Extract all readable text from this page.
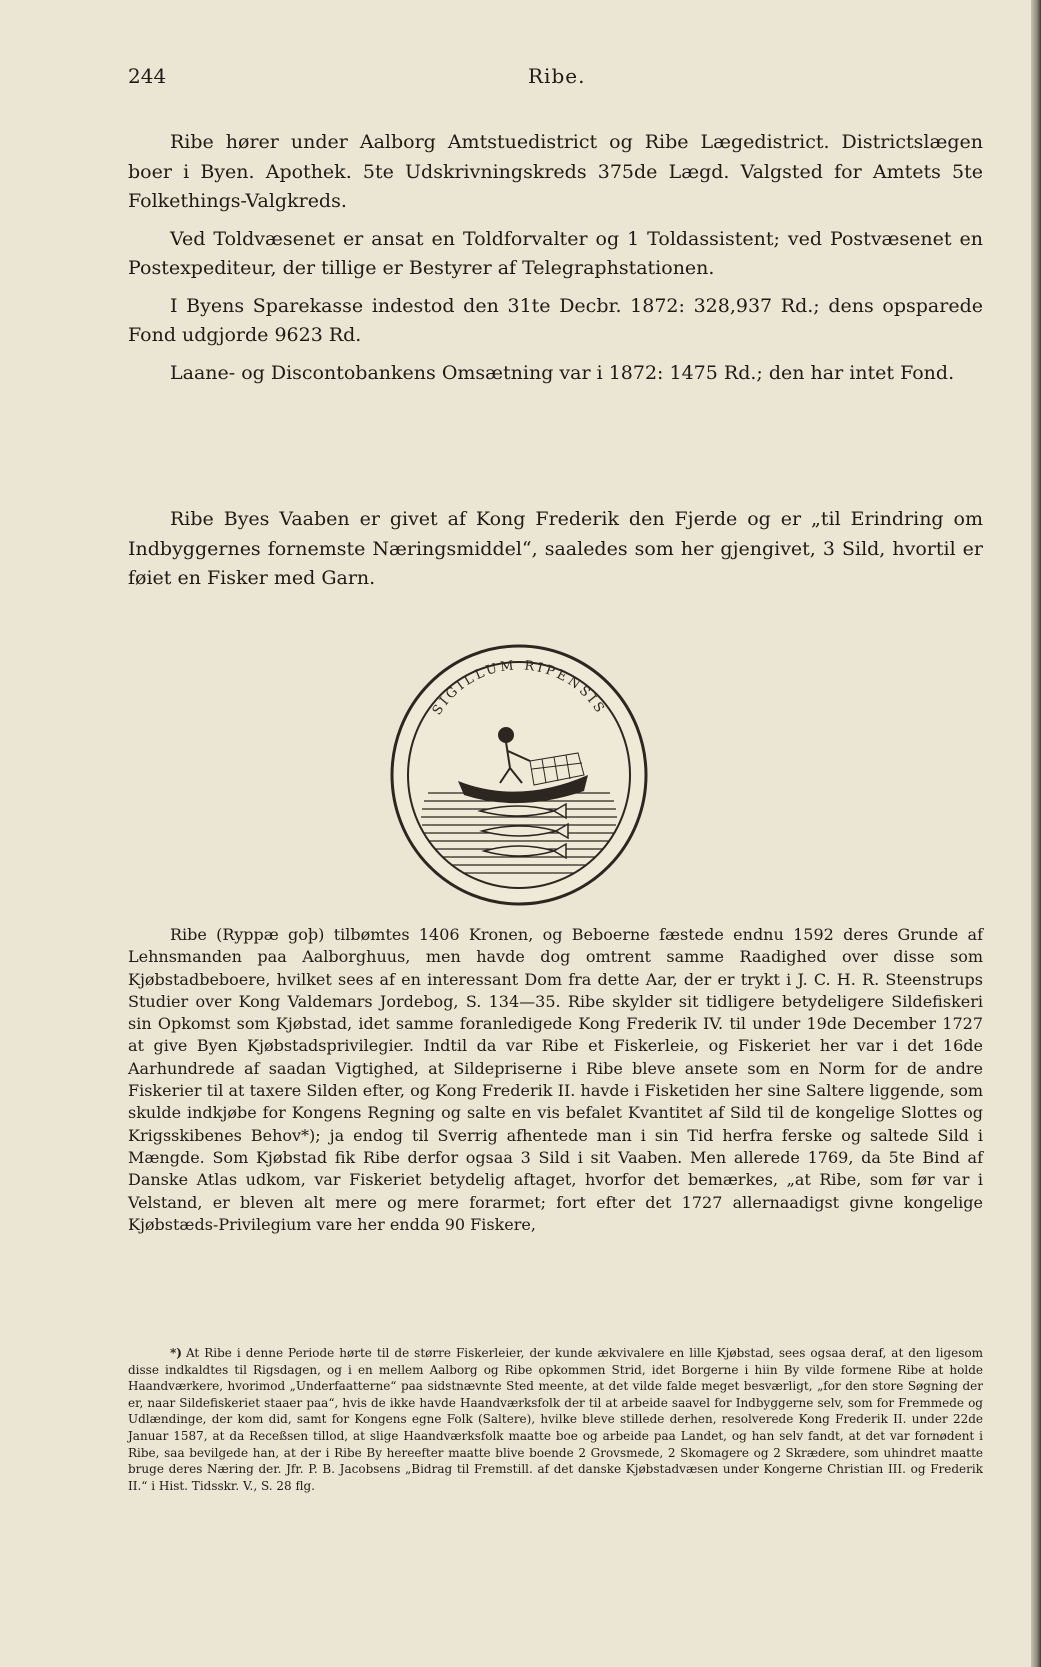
244	Ribe.

Ribe hører under Aalborg Amtstuedistrict og Ribe Lægedistrict. Districtslægen boer i Byen. Apothek. 5te Udskrivningskreds 375de Lægd. Valgsted for Amtets 5te Folkethings-Valgkreds.

Ved Toldvæsenet er ansat en Toldforvalter og 1 Toldassistent; ved Postvæsenet en Postexpediteur, der tillige er Bestyrer af Telegraphstationen.

I Byens Sparekasse indestod den 31te Decbr. 1872: 328,937 Rd.; dens opsparede Fond udgjorde 9623 Rd.

Laane- og Discontobankens Omsætning var i 1872: 1475 Rd.; den har intet Fond.

Ribe Byes Vaaben er givet af Kong Frederik den Fjerde og er „til Erindring om Indbyggernes fornemste Næringsmiddel“, saaledes som her gjengivet, 3 Sild, hvortil er føiet en Fisker med Garn.

SIGILLUM RIPENSIS

Ribe (Ryppæ goþ) tilbømtes 1406 Kronen, og Beboerne fæstede endnu 1592 deres Grunde af Lehnsmanden paa Aalborghuus, men havde dog omtrent samme Raadighed over disse som Kjøbstadbeboere, hvilket sees af en interessant Dom fra dette Aar, der er trykt i J. C. H. R. Steenstrups Studier over Kong Valdemars Jordebog, S. 134—35. Ribe skylder sit tidligere betydeligere Sildefiskeri sin Opkomst som Kjøbstad, idet samme foranledigede Kong Frederik IV. til under 19de December 1727 at give Byen Kjøbstadsprivilegier. Indtil da var Ribe et Fiskerleie, og Fiskeriet her var i det 16de Aarhundrede af saadan Vigtighed, at Sildepriserne i Ribe bleve ansete som en Norm for de andre Fiskerier til at taxere Silden efter, og Kong Frederik II. havde i Fisketiden her sine Saltere liggende, som skulde indkjøbe for Kongens Regning og salte en vis befalet Kvantitet af Sild til de kongelige Slottes og Krigsskibenes Behov*); ja endog til Sverrig afhentede man i sin Tid herfra ferske og saltede Sild i Mængde. Som Kjøbstad fik Ribe derfor ogsaa 3 Sild i sit Vaaben. Men allerede 1769, da 5te Bind af Danske Atlas udkom, var Fiskeriet betydelig aftaget, hvorfor det bemærkes, „at Ribe, som før var i Velstand, er bleven alt mere og mere forarmet; fort efter det 1727 allernaadigst givne kongelige Kjøbstæds-Privilegium vare her endda 90 Fiskere,

*) At Ribe i denne Periode hørte til de større Fiskerleier, der kunde ækvivalere en lille Kjøbstad, sees ogsaa deraf, at den ligesom disse indkaldtes til Rigsdagen, og i en mellem Aalborg og Ribe opkommen Strid, idet Borgerne i hiin By vilde formene Ribe at holde Haandværkere, hvorimod „Underfaatterne“ paa sidstnævnte Sted meente, at det vilde falde meget besværligt, „for den store Søgning der er, naar Sildefiskeriet staaer paa“, hvis de ikke havde Haandværksfolk der til at arbeide saavel for Indbyggerne selv, som for Fremmede og Udlændinge, der kom did, samt for Kongens egne Folk (Saltere), hvilke bleve stillede derhen, resolverede Kong Frederik II. under 22de Januar 1587, at da Receßsen tillod, at slige Haandværksfolk maatte boe og arbeide paa Landet, og han selv fandt, at det var fornødent i Ribe, saa bevilgede han, at der i Ribe By hereefter maatte blive boende 2 Grovsmede, 2 Skomagere og 2 Skrædere, som uhindret maatte bruge deres Næring der. Jfr. P. B. Jacobsens „Bidrag til Fremstill. af det danske Kjøbstadvæsen under Kongerne Christian III. og Frederik II.“ i Hist. Tidsskr. V., S. 28 flg.
